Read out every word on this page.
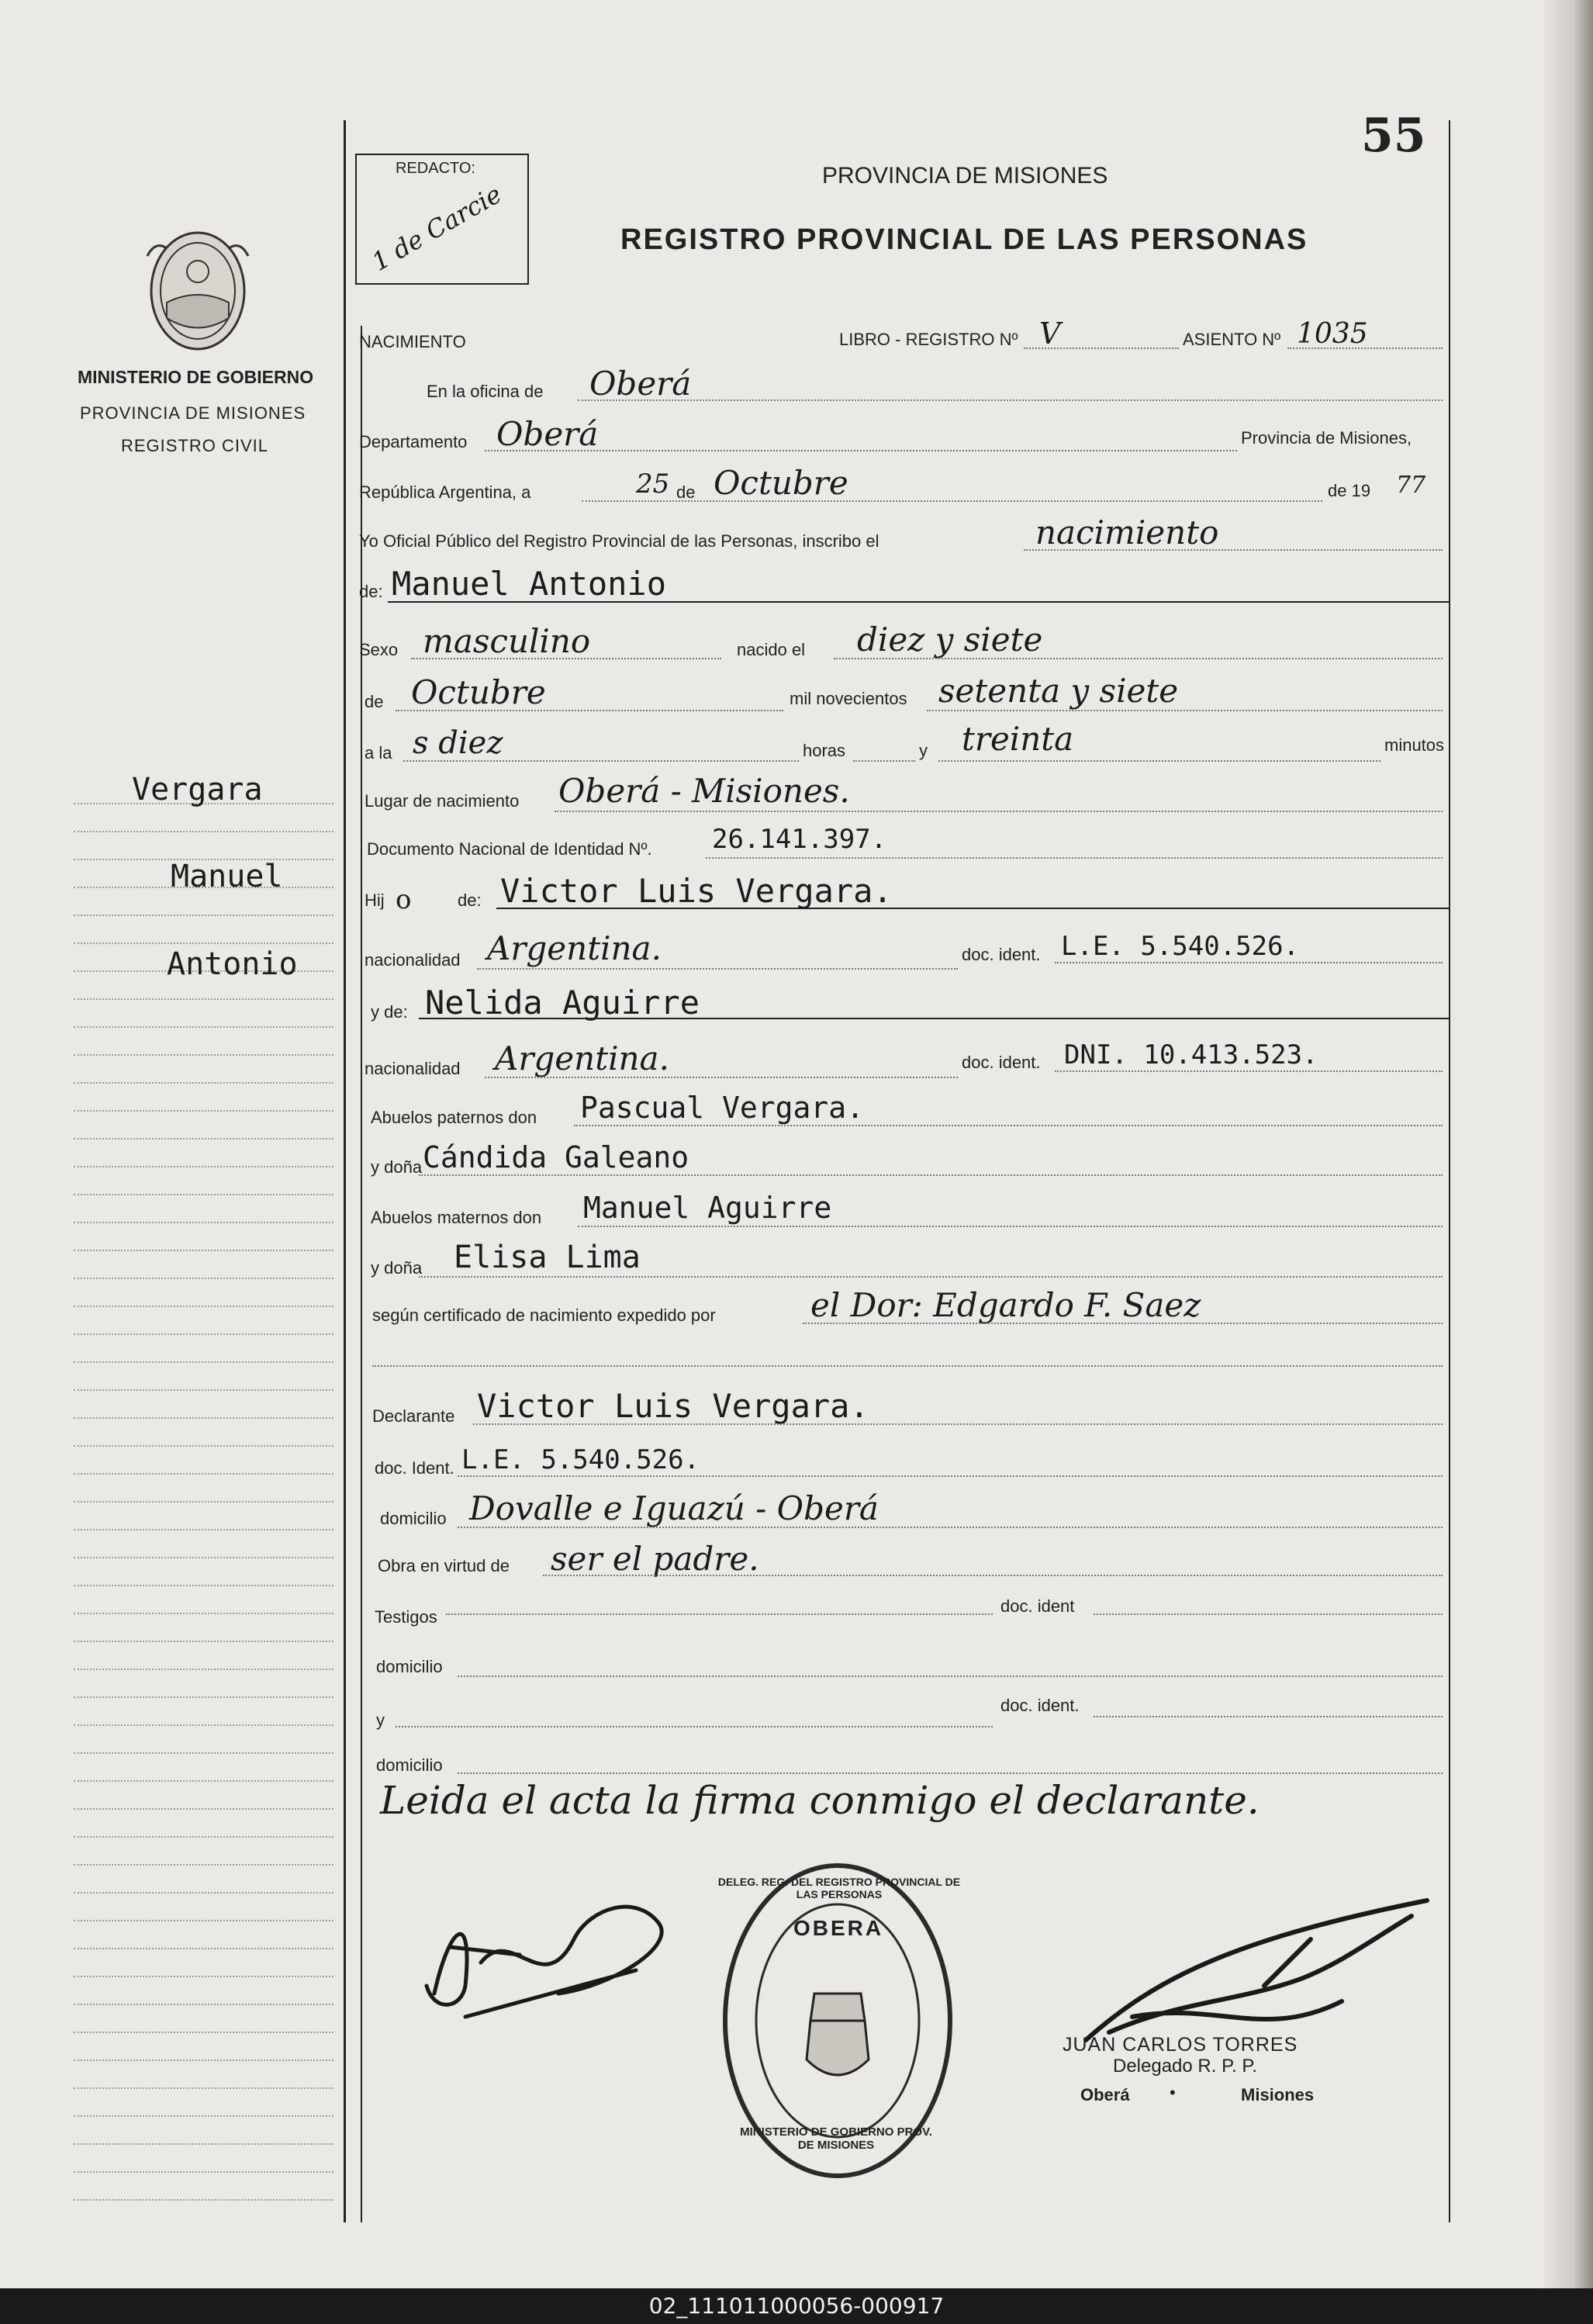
55
REDACTO:
1 de Carcie
PROVINCIA DE MISIONES
REGISTRO PROVINCIAL DE LAS PERSONAS
MINISTERIO DE GOBIERNO
PROVINCIA DE MISIONES
REGISTRO CIVIL
NACIMIENTO	LIBRO - REGISTRO Nº V	ASIENTO Nº 1035
Vergara
Manuel
Antonio
En la oficina de Oberá
Departamento Oberá	Provincia de Misiones,
República Argentina, a	25 de Octubre	de 19 77
Yo Oficial Público del Registro Provincial de las Personas, inscribo el	nacimiento
de: Manuel Antonio
Sexo masculino	nacido el diez y siete
de Octubre	mil novecientos setenta y siete
a la s diez	horas	y treinta	minutos
Lugar de nacimiento Oberá - Misiones.
Documento Nacional de Identidad Nº. 26.141.397.
Hij o	de: Victor Luis Vergara.
nacionalidad Argentina.	doc. ident. L.E. 5.540.526.
y de: Nelida Aguirre
nacionalidad Argentina.	doc. ident. DNI. 10.413.523.
Abuelos paternos don Pascual Vergara.
y doña Cándida Galeano
Abuelos maternos don Manuel Aguirre
y doña Elisa Lima
según certificado de nacimiento expedido por	el Dor: Edgardo F. Saez
Declarante Victor Luis Vergara.
doc. Ident. L.E. 5.540.526.
domicilio Dovalle e Iguazú - Oberá
Obra en virtud de ser el padre.
Testigos
doc. ident
domicilio
y
doc. ident.
domicilio
Leida el acta la firma conmigo el declarante.
OBERA
DELEG. REG. DEL REGISTRO PROVINCIAL DE LAS PERSONAS
MINISTERIO DE GOBIERNO PROV. DE MISIONES
JUAN CARLOS TORRES
Delegado R. P. P.
Oberá •	Misiones
02_111011000056-000917
